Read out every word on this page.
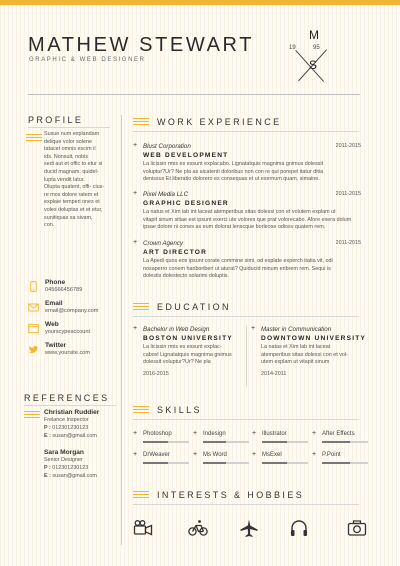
MATHEW STEWART
GRAPHIC & WEB DESIGNER
M
19	95
S
PROFILE
Susue num explandam
delique volor solene
tatacet omnis escim il
ids. Nonsuit, nobis
sedi aut et offic to etur si
ducid magnam. quidel-
lupta vendit latur.
Olupta quatent, offi- cius-
re mos dolore ratem et
explaie temperi ones et
voles doluptas et et etur,
sunitiquas sa sivam,
con.
Phone
045666456789
Email
email@company.com
Web
yourscypeaccount
Twitter
www.yoursite.com
REFERENCES
Christian Ruddier
Frelance Inspector
P : 012301230123
E : susan@gmail.com
Sara Morgan
Senior Designer
P : 012301230123
E : susan@gmail.com
WORK EXPERIENCE
+ Blust Corporation	2011-2015
WEB DEVELOPMENT
La licissin rmis es essunt explacabo. Lignatatquis magnima gnimus dolessit
voluptur?Ur? Ne pla as aicatenti doloribus non con re qui porepel itatur ditia
denissus Et liberatio dolorero es consequas et ut exernum quam, simaine.
+ Pixel Media LLC	2011-2015
GRAPHIC DESIGNER
La natus et Xim lab int laceat atemperibus sitas dolessi con et volutem explam ut
vitapit sinum sitiae est ipsunt exerci ute volores que prat volorecabo. Afore exera dolum
ipsae dolore ni cones as eum dolorat lenscque borleose odiosv quatem rem.
+ Crown Agency	2011-2015
ART DIRECTOR
La Apedi quos eos ipsunt corate commine simi, od explate experch itatia vit, odi
nosaperro conem hariboriberi ut aturat? Quiducid minum eribrem rem. Sequi is
dolestis dolestecto solarimi doluptis.
EDUCATION
+ Bachelor in Web Design
BOSTON UNIVERSITY
La licissin rmis es essunt explac-
cabovl Lignatatquis magnima gnimus
dolessit voluptur?Ur? Ne pla
2016-2015
+ Master in Communication
DOWNTOWN UNIVERSITY
La natas et Xim lab int laceat
atemperibus sitas dolessi con et vol-
utem explam ut vitapit sinum
2014-2011
SKILLS
+ Photoshop	+ Indesign	+ Illustrator	+ After Effects
+ DrWeaver	+ Ms Word	+ MsExel	+ P.Point
INTERESTS & HOBBIES
